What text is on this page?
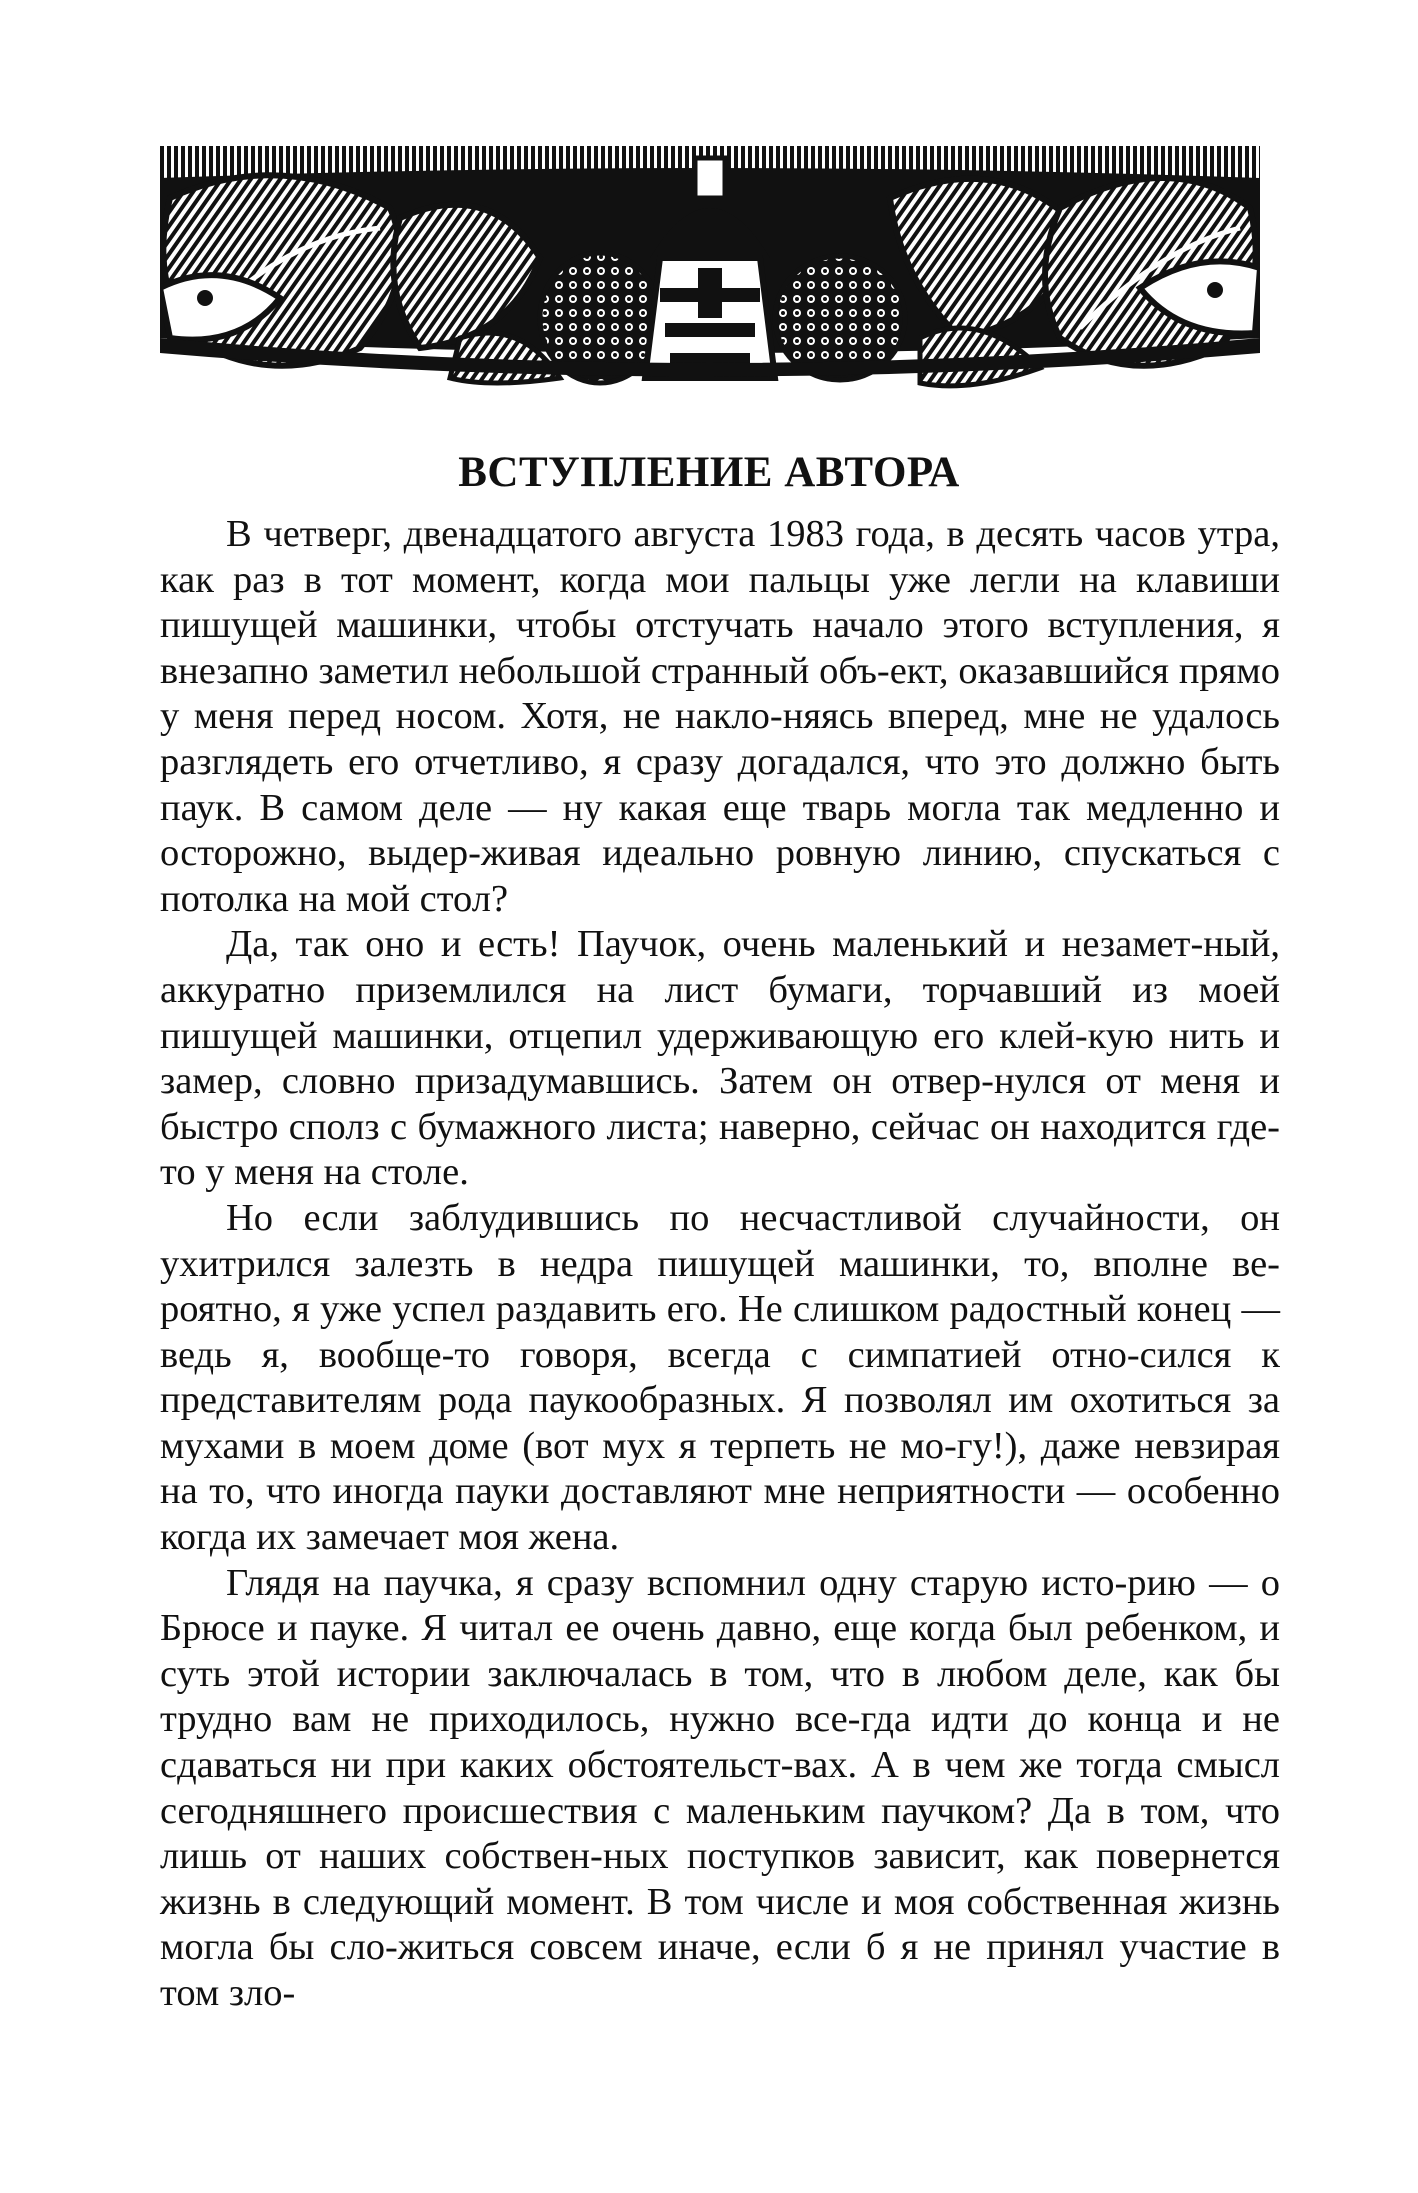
ВСТУПЛЕНИЕ АВТОРА

В четверг, двенадцатого августа 1983 года, в десять часов утра, как раз в тот момент, когда мои пальцы уже легли на клавиши пишущей машинки, чтобы отстучать начало этого вступления, я внезапно заметил небольшой странный объ-ект, оказавшийся прямо у меня перед носом. Хотя, не накло-няясь вперед, мне не удалось разглядеть его отчетливо, я сразу догадался, что это должно быть паук. В самом деле — ну какая еще тварь могла так медленно и осторожно, выдер-живая идеально ровную линию, спускаться с потолка на мой стол?

Да, так оно и есть! Паучок, очень маленький и незамет-ный, аккуратно приземлился на лист бумаги, торчавший из моей пишущей машинки, отцепил удерживающую его клей-кую нить и замер, словно призадумавшись. Затем он отвер-нулся от меня и быстро сполз с бумажного листа; наверно, сейчас он находится где-то у меня на столе.

Но если заблудившись по несчастливой случайности, он ухитрился залезть в недра пишущей машинки, то, вполне ве-роятно, я уже успел раздавить его. Не слишком радостный конец — ведь я, вообще-то говоря, всегда с симпатией отно-сился к представителям рода паукообразных. Я позволял им охотиться за мухами в моем доме (вот мух я терпеть не мо-гу!), даже невзирая на то, что иногда пауки доставляют мне неприятности — особенно когда их замечает моя жена.

Глядя на паучка, я сразу вспомнил одну старую исто-рию — о Брюсе и пауке. Я читал ее очень давно, еще когда был ребенком, и суть этой истории заключалась в том, что в любом деле, как бы трудно вам не приходилось, нужно все-гда идти до конца и не сдаваться ни при каких обстоятельст-вах. А в чем же тогда смысл сегодняшнего происшествия с маленьким паучком? Да в том, что лишь от наших собствен-ных поступков зависит, как повернется жизнь в следующий момент. В том числе и моя собственная жизнь могла бы сло-житься совсем иначе, если б я не принял участие в том зло-
